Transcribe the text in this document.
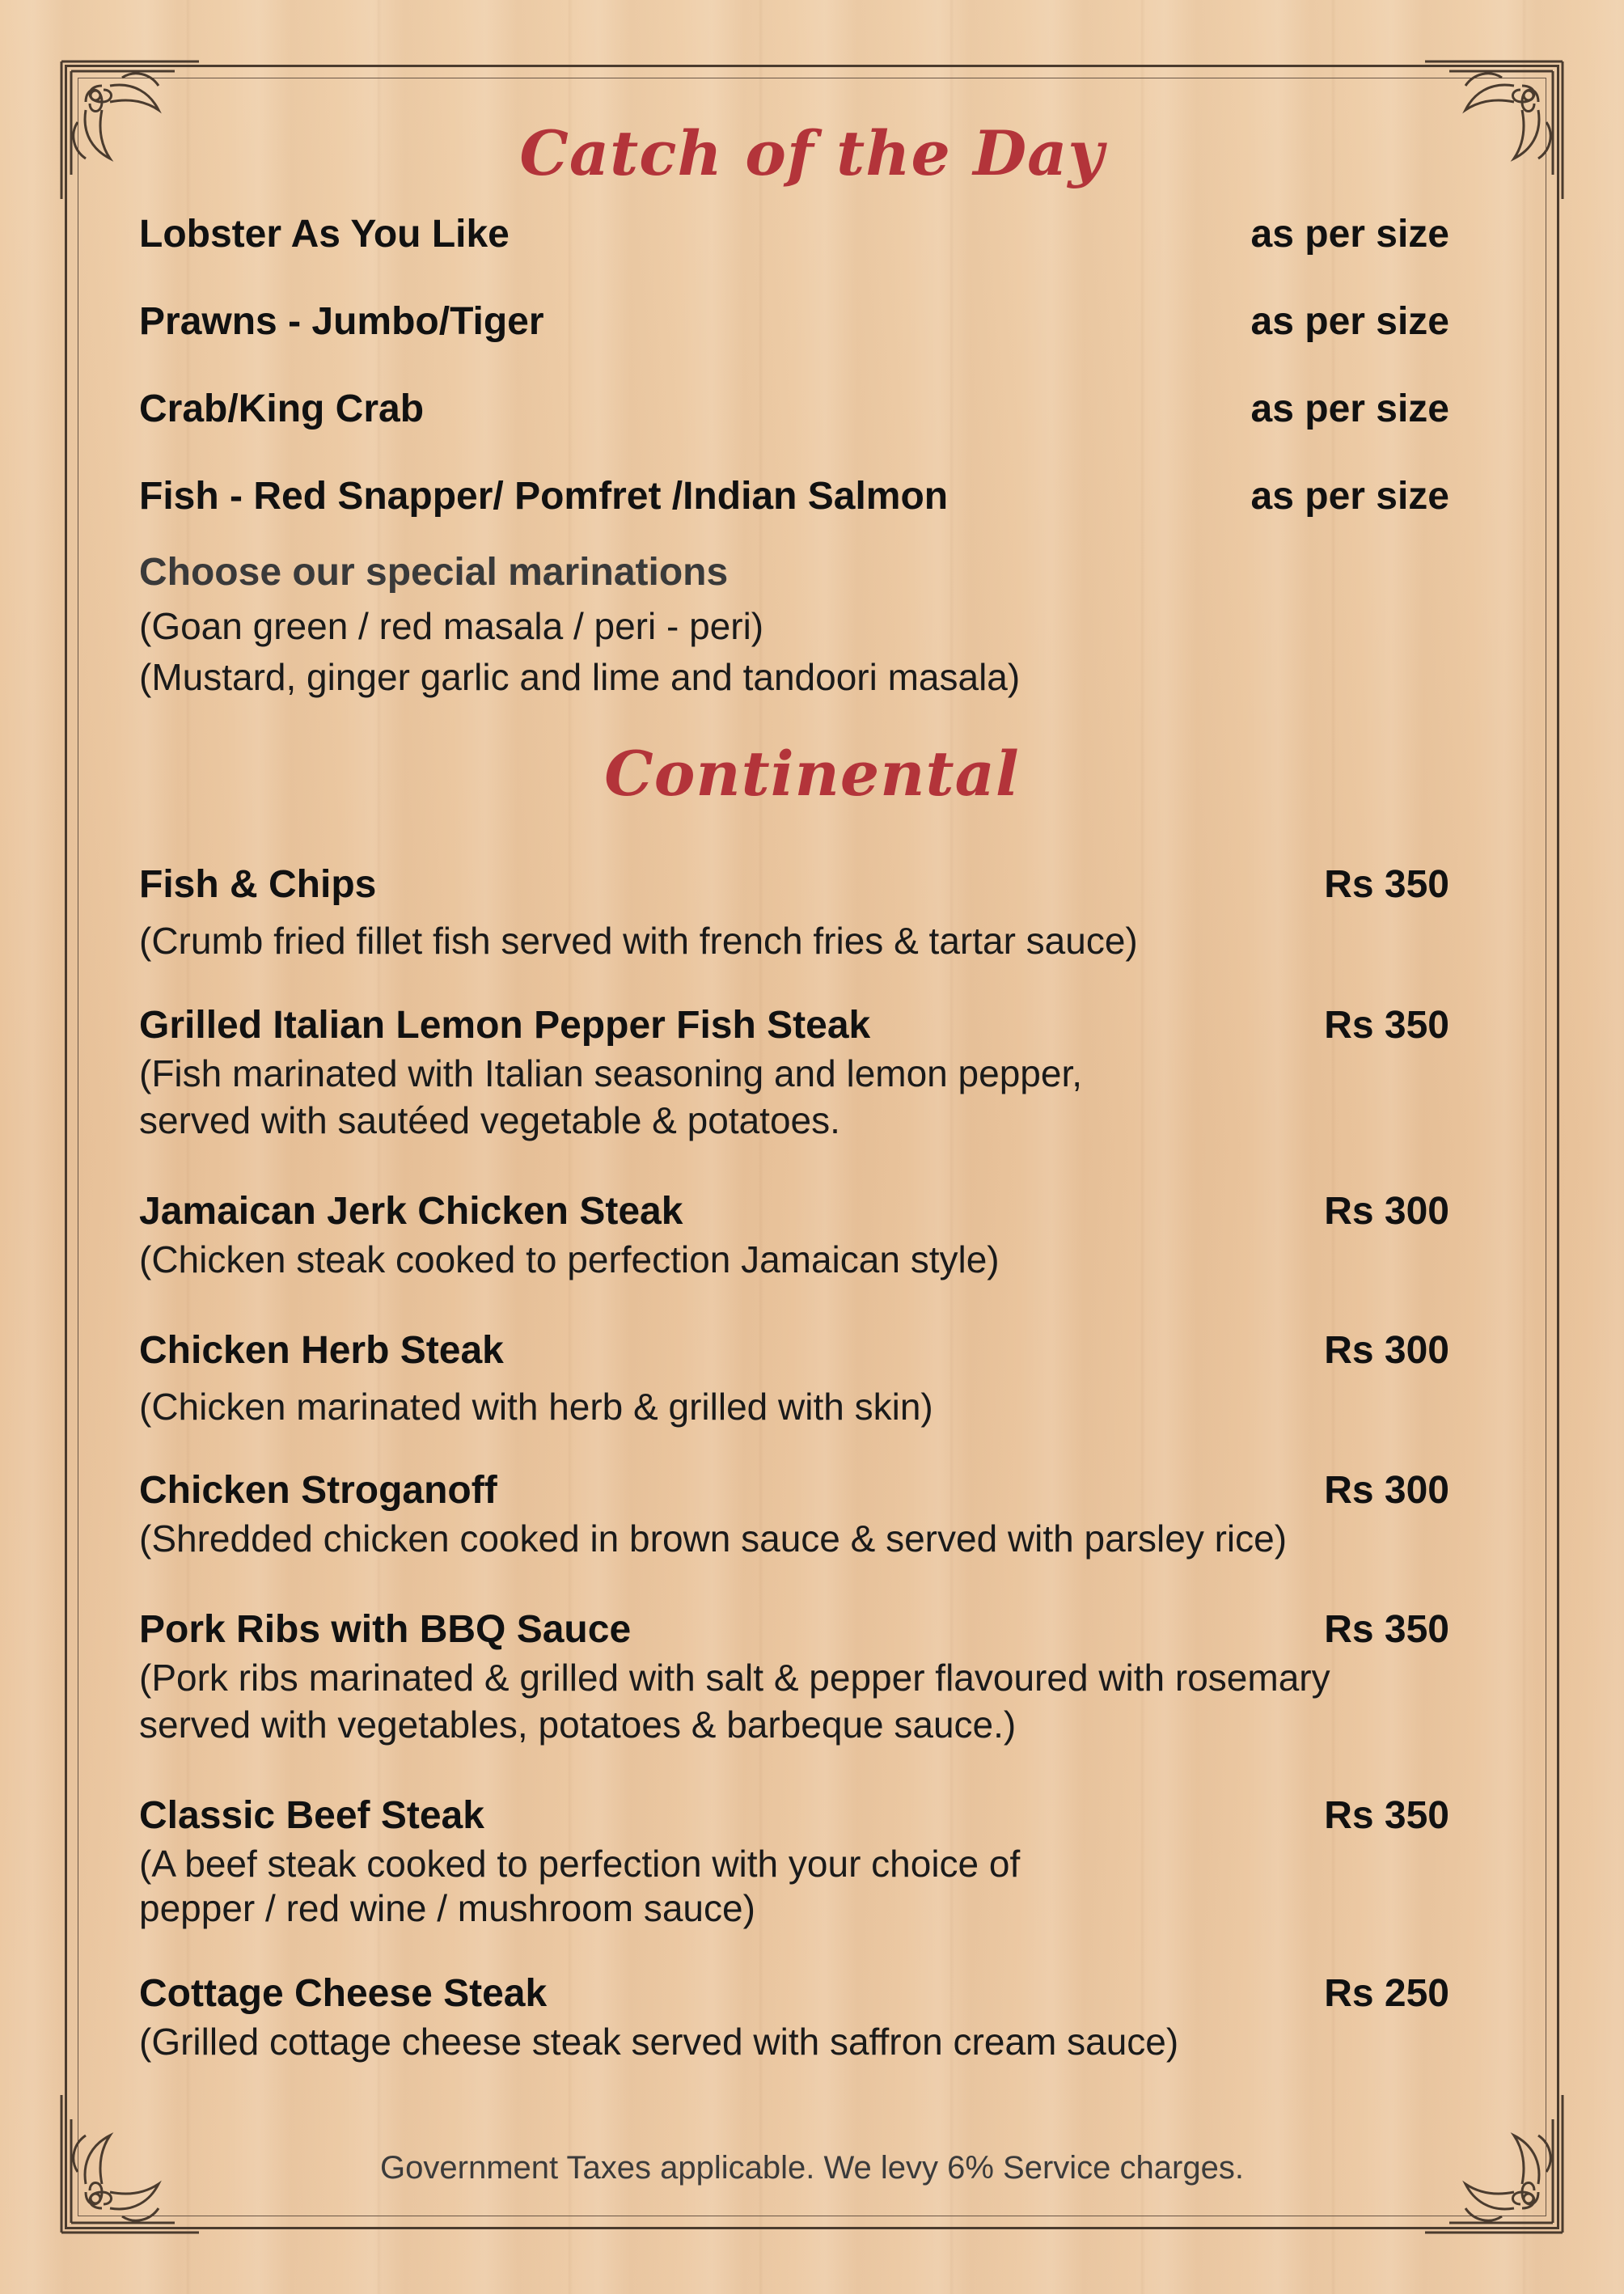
Catch of the Day
Lobster As You Like	as per size
Prawns - Jumbo/Tiger	as per size
Crab/King Crab	as per size
Fish - Red Snapper/ Pomfret /Indian Salmon	as per size
Choose our special marinations
(Goan green / red masala / peri - peri)
(Mustard, ginger garlic and lime and tandoori masala)
Continental
Fish & Chips	Rs 350
(Crumb fried fillet fish served with french fries & tartar sauce)
Grilled Italian Lemon Pepper Fish Steak	Rs 350
(Fish marinated with Italian seasoning and lemon pepper,
served with sautéed vegetable & potatoes.
Jamaican Jerk Chicken Steak	Rs 300
(Chicken steak cooked to perfection Jamaican style)
Chicken Herb Steak	Rs 300
(Chicken marinated with herb & grilled with skin)
Chicken Stroganoff	Rs 300
(Shredded chicken cooked in brown sauce & served with parsley rice)
Pork Ribs with BBQ Sauce	Rs 350
(Pork ribs marinated & grilled with salt & pepper flavoured with rosemary
served with vegetables, potatoes & barbeque sauce.)
Classic Beef Steak	Rs 350
(A beef steak cooked to perfection with your choice of
pepper / red wine / mushroom sauce)
Cottage Cheese Steak	Rs 250
(Grilled cottage cheese steak served with saffron cream sauce)
Government Taxes applicable. We levy 6% Service charges.
